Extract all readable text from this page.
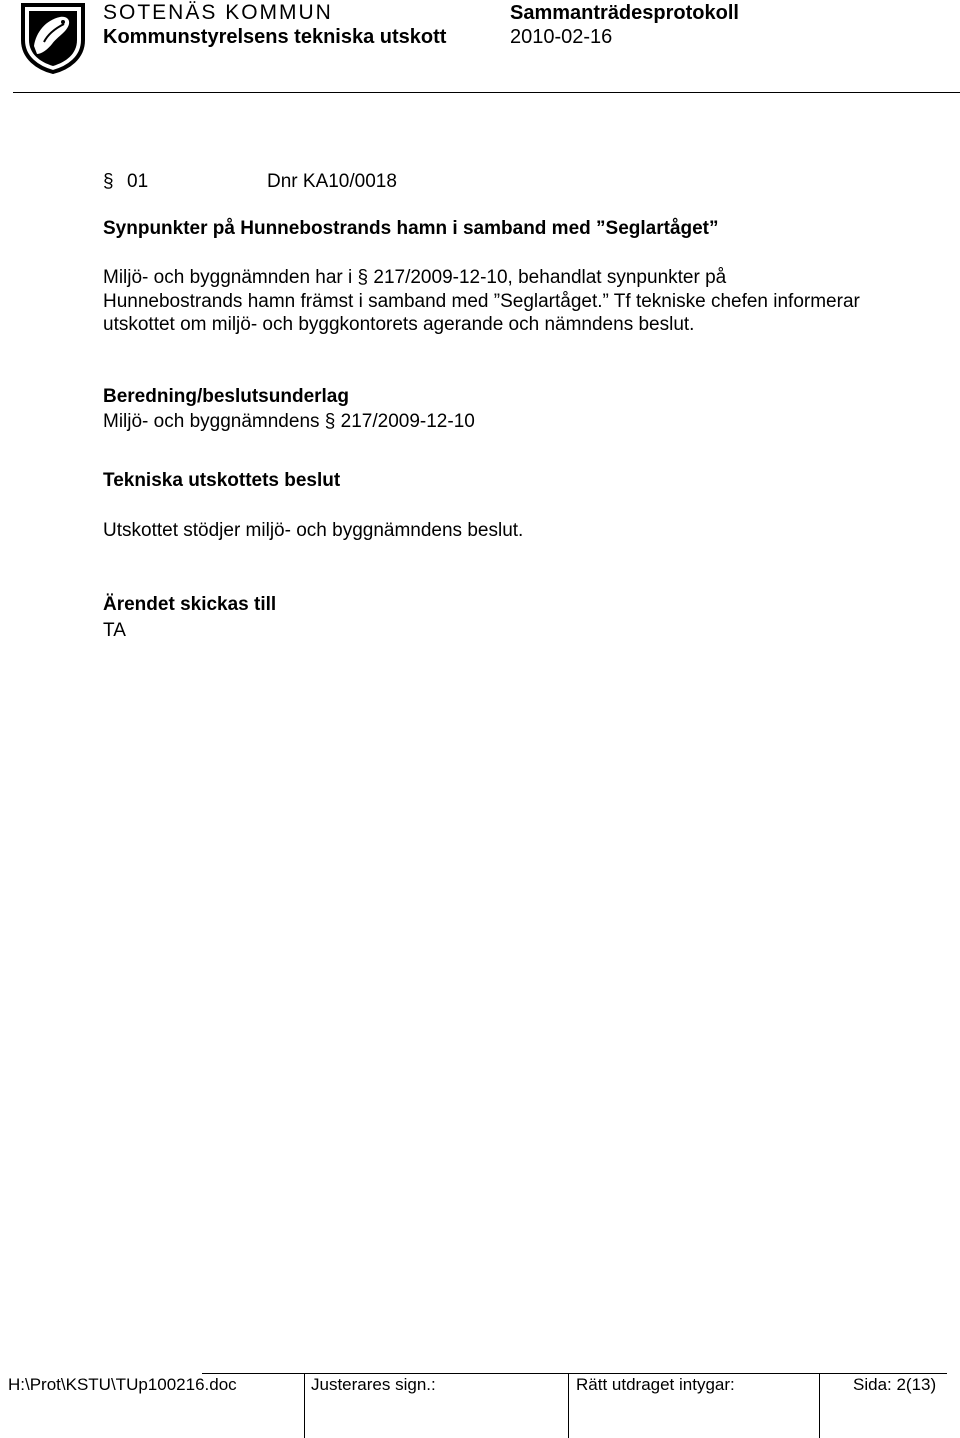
SOTENÄS KOMMUN
Kommunstyrelsens tekniska utskott
Sammanträdesprotokoll
2010-02-16
§ 01	Dnr KA10/0018
Synpunkter på Hunnebostrands hamn i samband med ”Seglartåget”

Miljö- och byggnämnden har i § 217/2009-12-10, behandlat synpunkter på Hunnebostrands hamn främst i samband med ”Seglartåget.” Tf tekniske chefen informerar utskottet om miljö- och byggkontorets agerande och nämndens beslut.

Beredning/beslutsunderlag
Miljö- och byggnämndens § 217/2009-12-10
Tekniska utskottets beslut
Utskottet stödjer miljö- och byggnämndens beslut.
Ärendet skickas till
TA
H:\Prot\KSTU\TUp100216.doc	Justerares sign.:	Rätt utdraget intygar:	Sida: 2(13)
